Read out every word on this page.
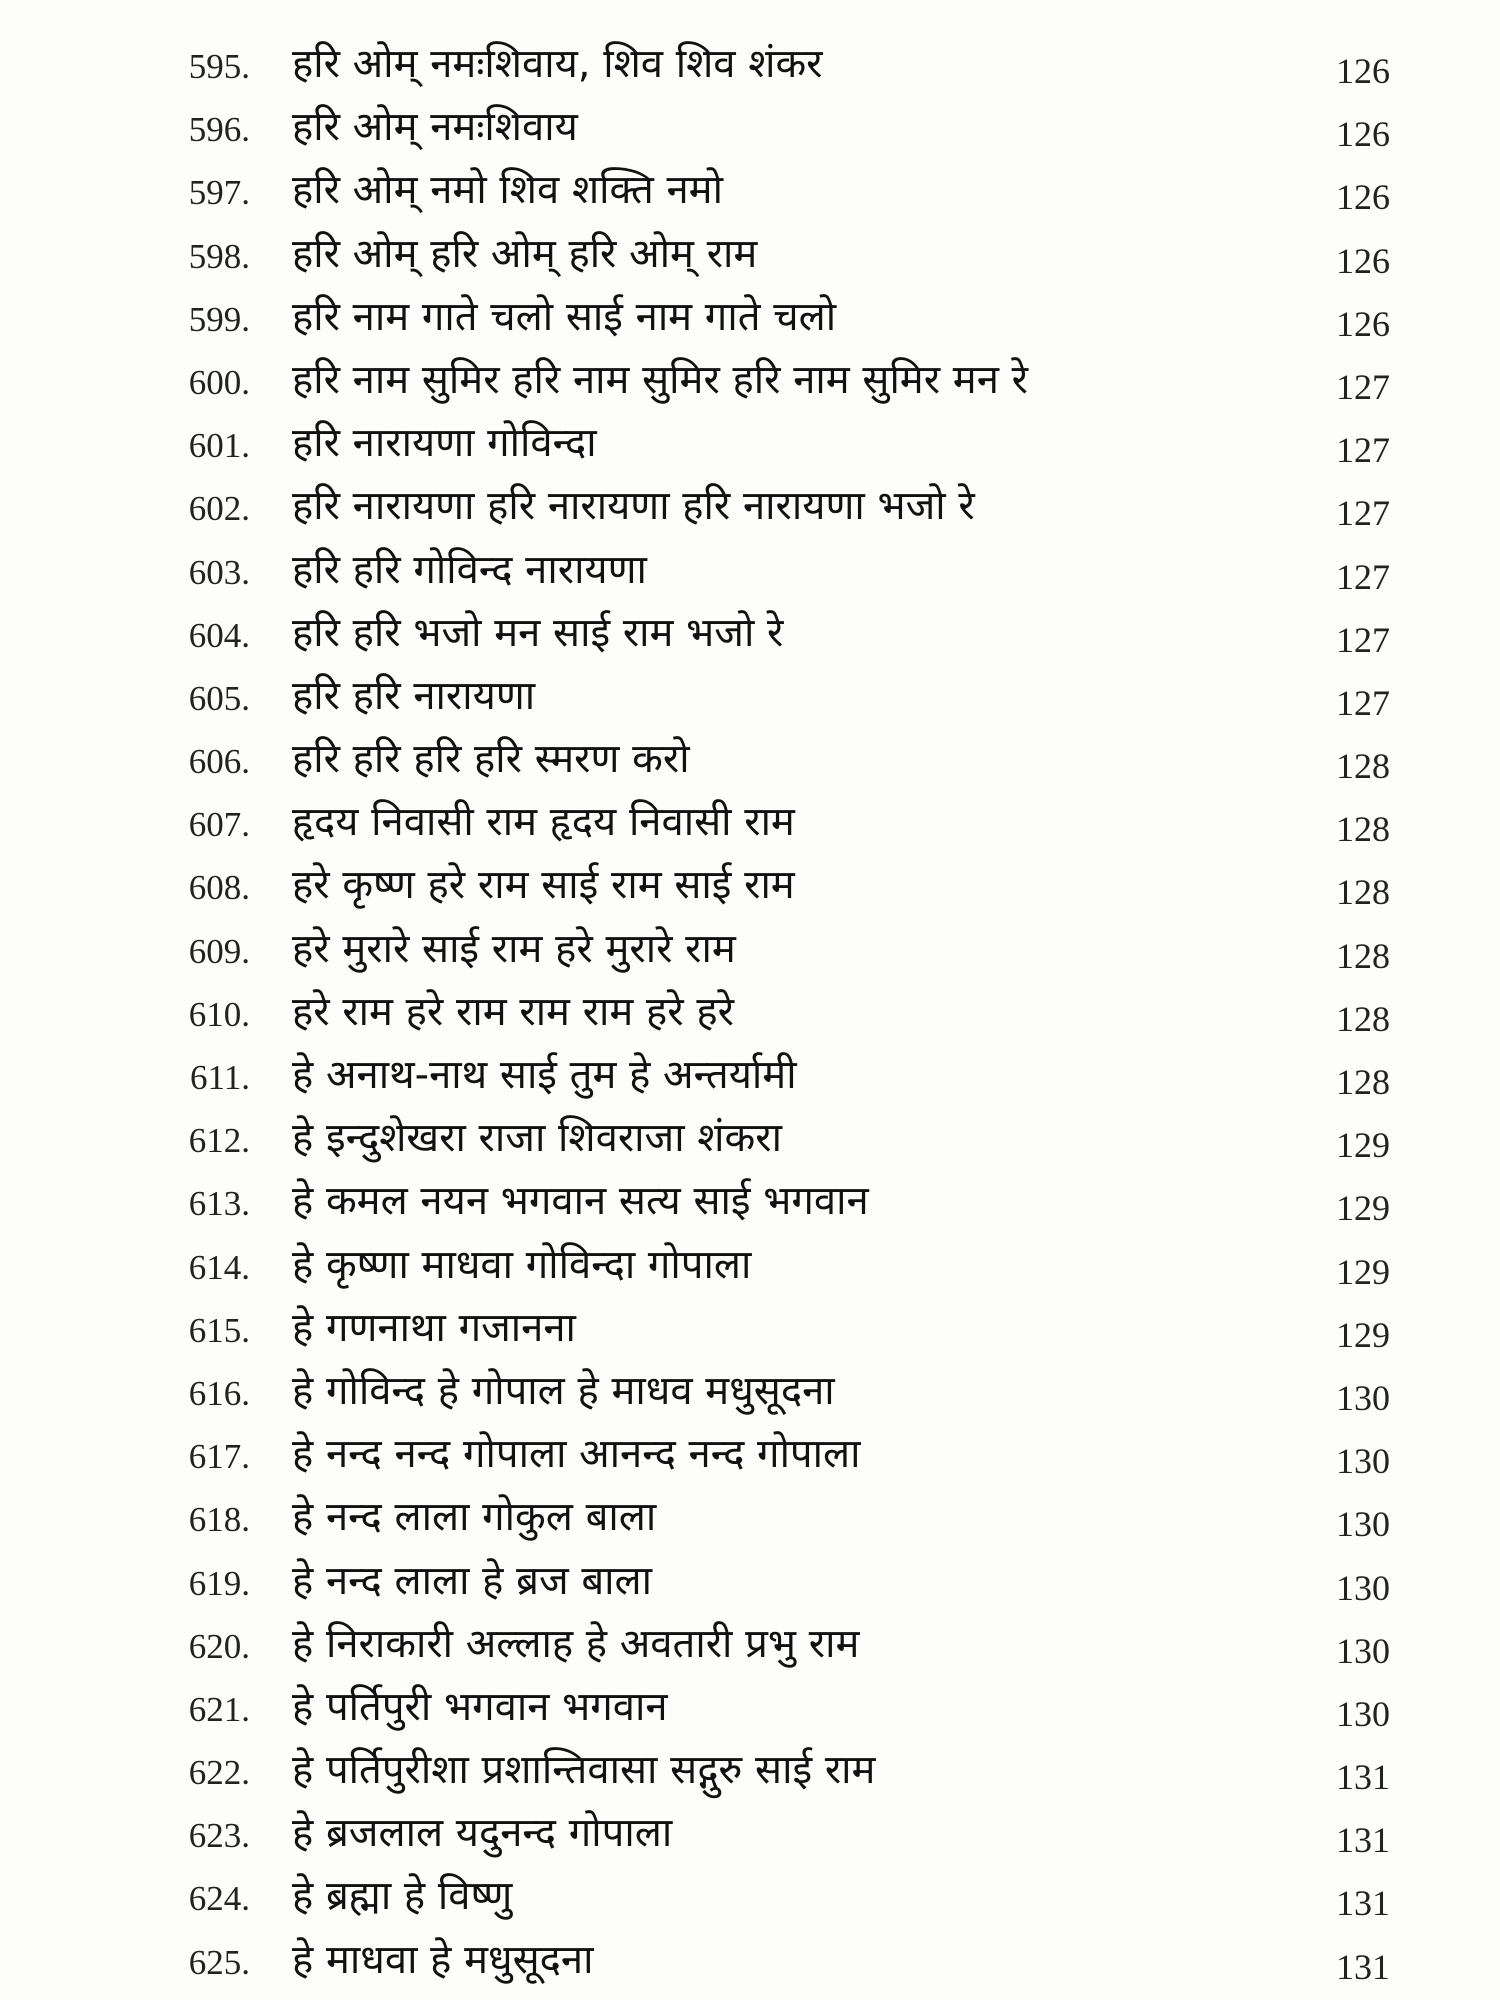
595. हरि ओम् नमःशिवाय, शिव शिव शंकर	126
596. हरि ओम् नमःशिवाय	126
597. हरि ओम् नमो शिव शक्ति नमो	126
598. हरि ओम् हरि ओम् हरि ओम् राम	126
599. हरि नाम गाते चलो साई नाम गाते चलो	126
600. हरि नाम सुमिर हरि नाम सुमिर हरि नाम सुमिर मन रे	127
601. हरि नारायणा गोविन्दा	127
602. हरि नारायणा हरि नारायणा हरि नारायणा भजो रे	127
603. हरि हरि गोविन्द नारायणा	127
604. हरि हरि भजो मन साई राम भजो रे	127
605. हरि हरि नारायणा	127
606. हरि हरि हरि हरि स्मरण करो	128
607. हृदय निवासी राम हृदय निवासी राम	128
608. हरे कृष्ण हरे राम साई राम साई राम	128
609. हरे मुरारे साई राम हरे मुरारे राम	128
610. हरे राम हरे राम राम राम हरे हरे	128
611. हे अनाथ-नाथ साई तुम हे अन्तर्यामी	128
612. हे इन्दुशेखरा राजा शिवराजा शंकरा	129
613. हे कमल नयन भगवान सत्य साई भगवान	129
614. हे कृष्णा माधवा गोविन्दा गोपाला	129
615. हे गणनाथा गजानना	129
616. हे गोविन्द हे गोपाल हे माधव मधुसूदना	130
617. हे नन्द नन्द गोपाला आनन्द नन्द गोपाला	130
618. हे नन्द लाला गोकुल बाला	130
619. हे नन्द लाला हे ब्रज बाला	130
620. हे निराकारी अल्लाह हे अवतारी प्रभु राम	130
621. हे पर्तिपुरी भगवान भगवान	130
622. हे पर्तिपुरीशा प्रशान्तिवासा सद्गुरु साई राम	131
623. हे ब्रजलाल यदुनन्द गोपाला	131
624. हे ब्रह्मा हे विष्णु	131
625. हे माधवा हे मधुसूदना	131
